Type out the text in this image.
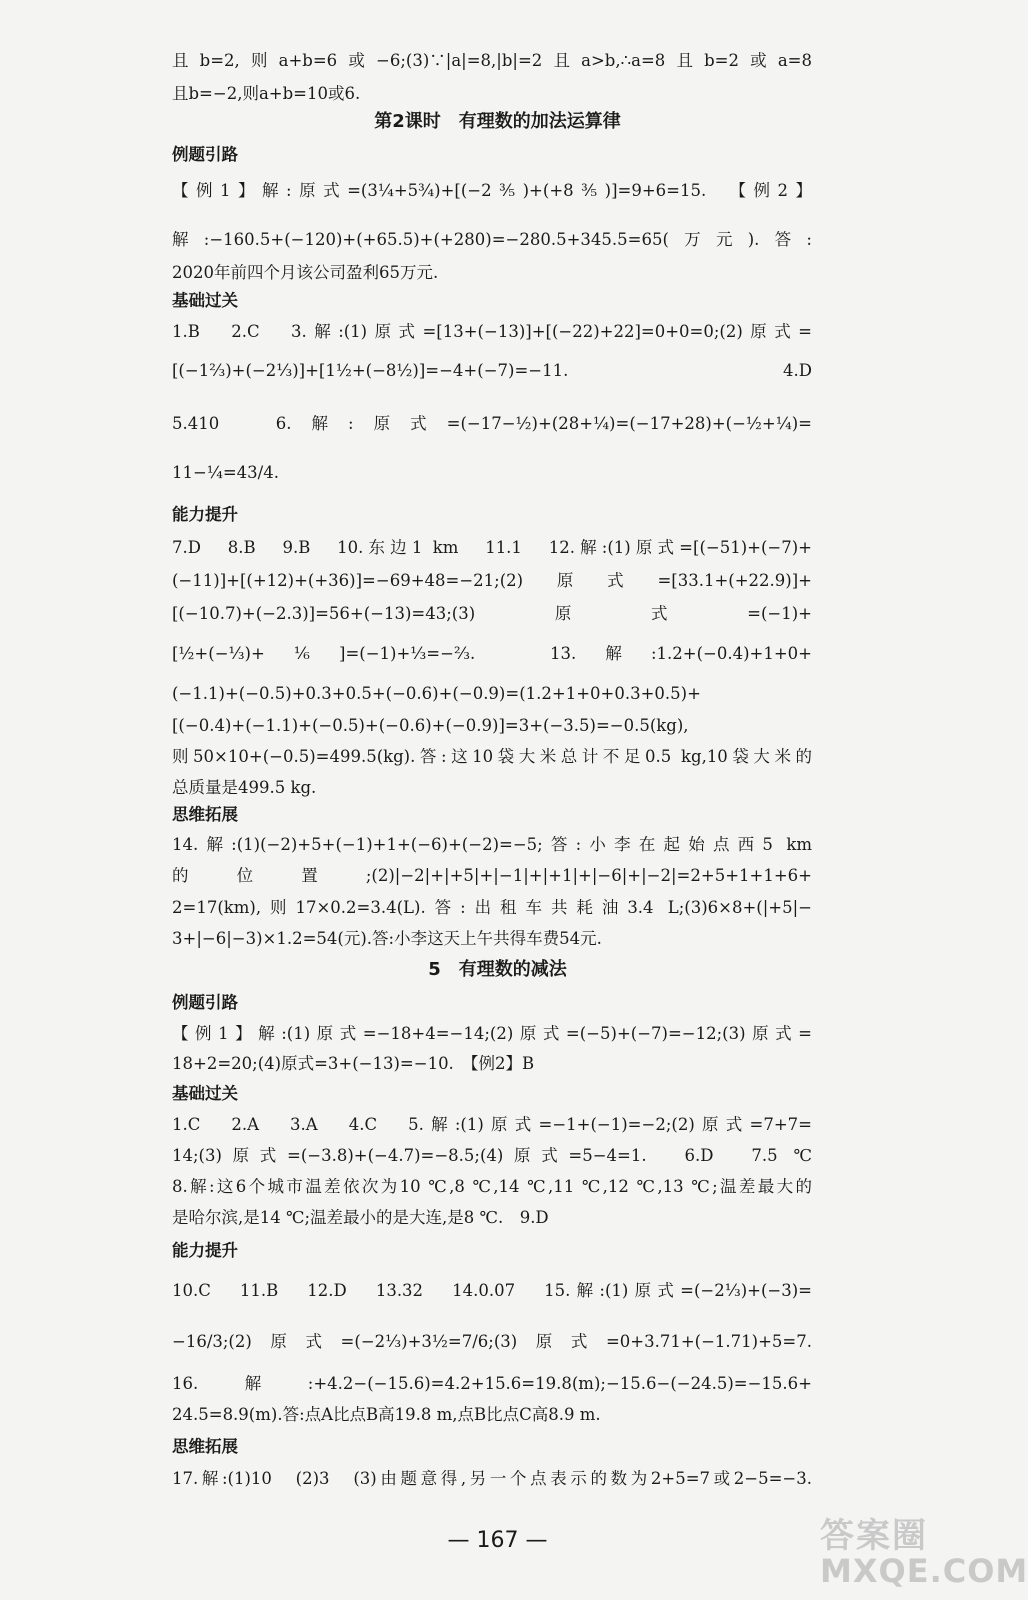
且b=2,则a+b=6或−6;(3)∵|a|=8,|b|=2且a>b,∴a=8且b=2或a=8
且b=−2,则a+b=10或6.
第2课时　有理数的加法运算律
例题引路
【例1】解:原式=(3¼+5¾)+[(−2⅗)+(+8⅗)]=9+6=15.　【例2】
解:−160.5+(−120)+(+65.5)+(+280)=−280.5+345.5=65(万元).答:
2020年前四个月该公司盈利65万元.
基础过关
1.B　2.C　3.解:(1)原式=[13+(−13)]+[(−22)+22]=0+0=0;(2)原式=
[(−1⅔)+(−2⅓)]+[1½+(−8½)]=−4+(−7)=−11.　4.D
5.410　6.解:原式=(−17−½)+(28+¼)=(−17+28)+(−½+¼)=
11−¼=43/4.
能力提升
7.D　8.B　9.B　10.东边1 km　11.1　12.解:(1)原式=[(−51)+(−7)+
(−11)]+[(+12)+(+36)]=−69+48=−21;(2)原式=[33.1+(+22.9)]+
[(−10.7)+(−2.3)]=56+(−13)=43;(3)原式=(−1)+
[½+(−⅓)+⅙]=(−1)+⅓=−⅔.　13.解:1.2+(−0.4)+1+0+
(−1.1)+(−0.5)+0.3+0.5+(−0.6)+(−0.9)=(1.2+1+0+0.3+0.5)+
[(−0.4)+(−1.1)+(−0.5)+(−0.6)+(−0.9)]=3+(−3.5)=−0.5(kg),
则50×10+(−0.5)=499.5(kg).答:这10袋大米总计不足0.5 kg,10袋大米的
总质量是499.5 kg.
思维拓展
14.解:(1)(−2)+5+(−1)+1+(−6)+(−2)=−5;答:小李在起始点西5 km
的位置;(2)|−2|+|+5|+|−1|+|+1|+|−6|+|−2|=2+5+1+1+6+
2=17(km),则17×0.2=3.4(L).答:出租车共耗油3.4 L;(3)6×8+(|+5|−
3+|−6|−3)×1.2=54(元).答:小李这天上午共得车费54元.
5　有理数的减法
例题引路
【例1】解:(1)原式=−18+4=−14;(2)原式=(−5)+(−7)=−12;(3)原式=
18+2=20;(4)原式=3+(−13)=−10.　【例2】B
基础过关
1.C　2.A　3.A　4.C　5.解:(1)原式=−1+(−1)=−2;(2)原式=7+7=
14;(3)原式=(−3.8)+(−4.7)=−8.5;(4)原式=5−4=1.　6.D　7.5 ℃
8.解:这6个城市温差依次为10 ℃,8 ℃,14 ℃,11 ℃,12 ℃,13 ℃;温差最大的
是哈尔滨,是14 ℃;温差最小的是大连,是8 ℃.　9.D
能力提升
10.C　11.B　12.D　13.32　14.0.07　15.解:(1)原式=(−2⅓)+(−3)=
−16/3;(2)原式=(−2⅓)+3½=7/6;(3)原式=0+3.71+(−1.71)+5=7.
16.解:+4.2−(−15.6)=4.2+15.6=19.8(m);−15.6−(−24.5)=−15.6+
24.5=8.9(m).答:点A比点B高19.8 m,点B比点C高8.9 m.
思维拓展
17.解:(1)10　(2)3　(3)由题意得,另一个点表示的数为2+5=7或2−5=−3.
— 167 —	答案圈
MXQE.COM
